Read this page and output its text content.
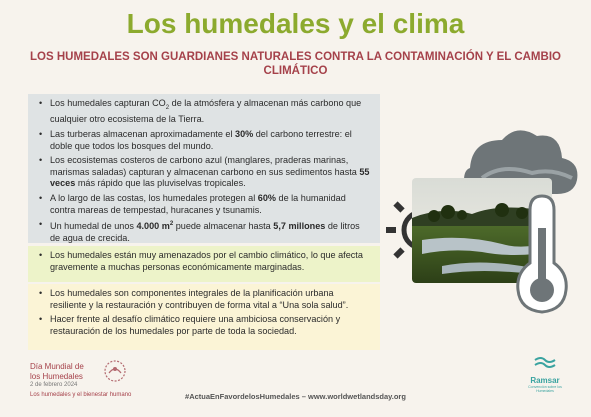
Los humedales y el clima
LOS HUMEDALES SON GUARDIANES NATURALES CONTRA LA CONTAMINACIÓN Y EL CAMBIO CLIMÁTICO
• Los humedales capturan $CO_2$ de la atmósfera y almacenan más carbono que cualquier otro ecosistema de la Tierra.
• Las turberas almacenan aproximadamente el 30% del carbono terrestre: el doble que todos los bosques del mundo.
• Los ecosistemas costeros de carbono azul (manglares, praderas marinas, marismas saladas) capturan y almacenan carbono en sus sedimentos hasta 55 veces más rápido que las pluviselvas tropicales.
• A lo largo de las costas, los humedales protegen al 60% de la humanidad contra mareas de tempestad, huracanes y tsunamis.
• Un humedal de unos 4.000 $m^2$ puede almacenar hasta 5,7 millones de litros de agua de crecida.
• Los humedales están muy amenazados por el cambio climático, lo que afecta gravemente a muchas personas económicamente marginadas.
• Los humedales son componentes integrales de la planificación urbana resiliente y la restauración y contribuyen de forma vital a “Una sola salud”.
• Hacer frente al desafío climático requiere una ambiciosa conservación y restauración de los humedales por parte de toda la sociedad.
Día Mundial de
los Humedales
2 de febrero 2024
Los humedales y el bienestar humano	#ActuaEnFavordelosHumedales – www.worldwetlandsday.org
Ramsar
Convención sobre los Humedales
